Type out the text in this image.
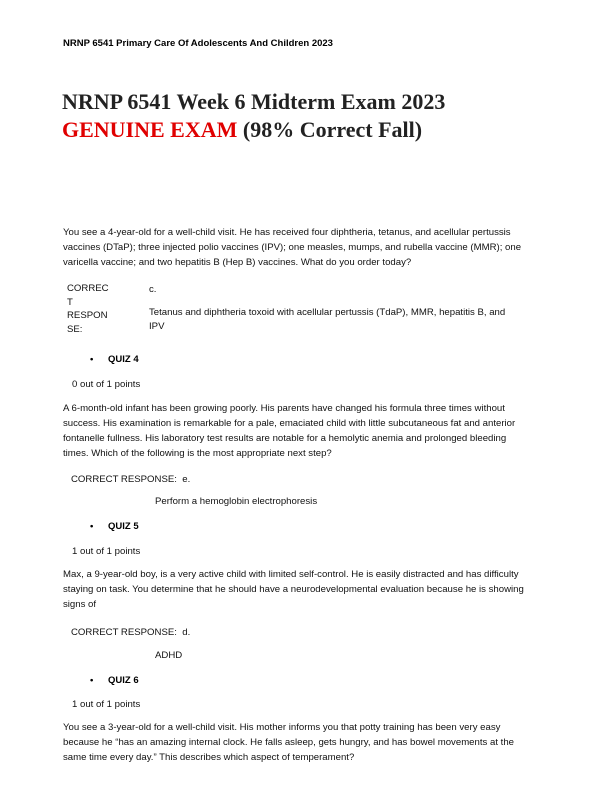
NRNP 6541 Primary Care Of Adolescents And Children 2023
NRNP 6541 Week 6 Midterm Exam 2023
GENUINE EXAM (98% Correct Fall)
You see a 4-year-old for a well-child visit. He has received four diphtheria, tetanus, and acellular pertussis vaccines (DTaP); three injected polio vaccines (IPV); one measles, mumps, and rubella vaccine (MMR); one varicella vaccine; and two hepatitis B (Hep B) vaccines. What do you order today?
CORREC
T
RESPON
SE:
c.
Tetanus and diphtheria toxoid with acellular pertussis (TdaP), MMR, hepatitis B, and IPV
• QUIZ 4
0 out of 1 points
A 6-month-old infant has been growing poorly. His parents have changed his formula three times without success. His examination is remarkable for a pale, emaciated child with little subcutaneous fat and anterior fontanelle fullness. His laboratory test results are notable for a hemolytic anemia and prolonged bleeding times. Which of the following is the most appropriate next step?
CORRECT RESPONSE: e.
Perform a hemoglobin electrophoresis
• QUIZ 5
1 out of 1 points
Max, a 9-year-old boy, is a very active child with limited self-control. He is easily distracted and has difficulty staying on task. You determine that he should have a neurodevelopmental evaluation because he is showing signs of
CORRECT RESPONSE: d.
ADHD
• QUIZ 6
1 out of 1 points
You see a 3-year-old for a well-child visit. His mother informs you that potty training has been very easy because he “has an amazing internal clock. He falls asleep, gets hungry, and has bowel movements at the same time every day.” This describes which aspect of temperament?
